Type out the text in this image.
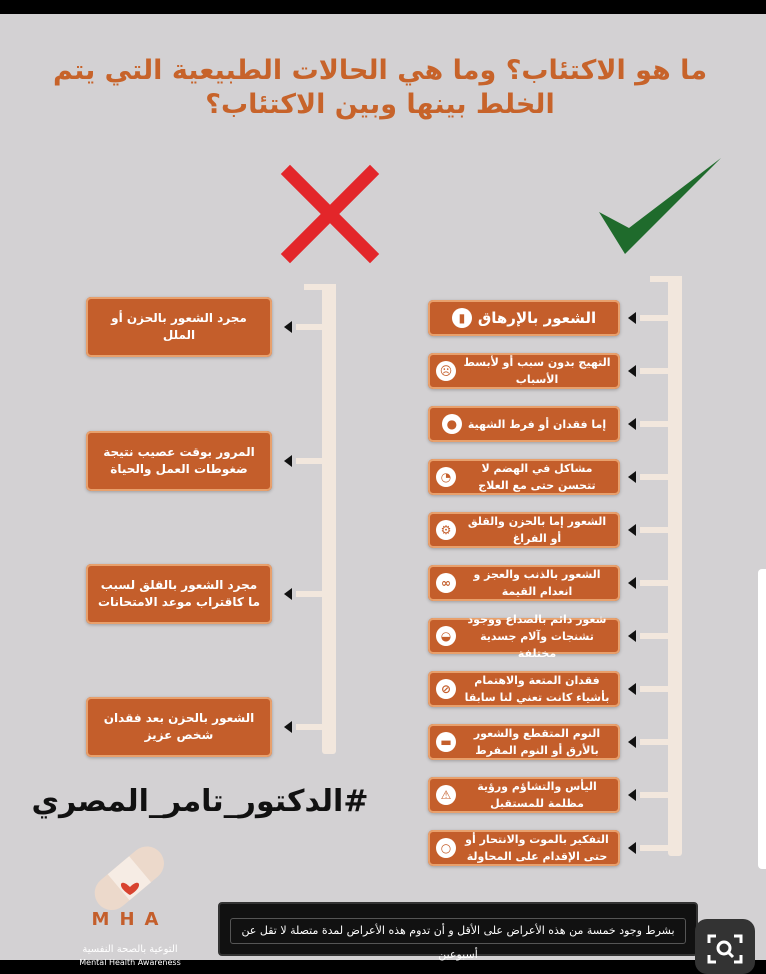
ما هو الاكتئاب؟ وما هي الحالات الطبيعية التي يتم الخلط بينها وبين الاكتئاب؟
الشعور بالإرهاق
▮
التهيج بدون سبب أو لأبسط الأسباب
☹
إما فقدان أو فرط الشهية
●
مشاكل في الهضم لا تتحسن حتى مع العلاج
◔
الشعور إما بالحزن والقلق أو الفراغ
⚙
الشعور بالذنب والعجز و انعدام القيمة
∞
شعور دائم بالصداع ووجود تشنجات وآلام جسدية مختلفة
◒
فقدان المتعة والاهتمام بأشياء كانت تعني لنا سابقا
⊘
النوم المتقطع والشعور بالأرق أو النوم المفرط
▬
اليأس والتشاؤم ورؤية مظلمة للمستقبل
⚠
التفكير بالموت والانتحار أو حتى الإقدام على المحاولة
○
مجرد الشعور بالحزن أو الملل
المرور بوقت عصيب نتيجة ضغوطات العمل والحياة
مجرد الشعور بالقلق لسبب ما كاقتراب موعد الامتحانات
الشعور بالحزن بعد فقدان شخص عزيز
#الدكتور_تامر_المصري
MHA
التوعية بالصحة النفسية
Mental Health Awareness
بشرط وجود خمسة من هذه الأعراض على الأقل و أن تدوم هذه الأعراض لمدة متصلة لا تقل عن أسبوعين
